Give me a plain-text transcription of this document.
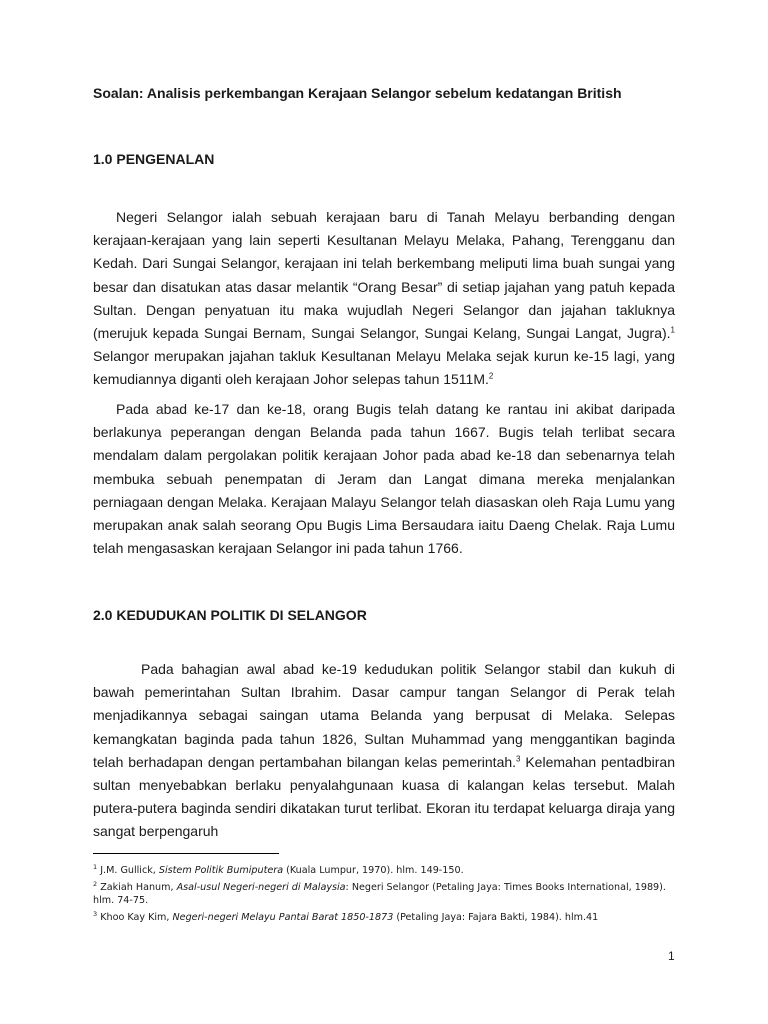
Soalan: Analisis perkembangan Kerajaan Selangor sebelum kedatangan British
1.0 PENGENALAN

Negeri Selangor ialah sebuah kerajaan baru di Tanah Melayu berbanding dengan kerajaan-kerajaan yang lain seperti Kesultanan Melayu Melaka, Pahang, Terengganu dan Kedah. Dari Sungai Selangor, kerajaan ini telah berkembang meliputi lima buah sungai yang besar dan disatukan atas dasar melantik “Orang Besar” di setiap jajahan yang patuh kepada Sultan. Dengan penyatuan itu maka wujudlah Negeri Selangor dan jajahan takluknya (merujuk kepada Sungai Bernam, Sungai Selangor, Sungai Kelang, Sungai Langat, Jugra).$^1$ Selangor merupakan jajahan takluk Kesultanan Melayu Melaka sejak kurun ke-15 lagi, yang kemudiannya diganti oleh kerajaan Johor selepas tahun 1511M.$^2$

Pada abad ke-17 dan ke-18, orang Bugis telah datang ke rantau ini akibat daripada berlakunya peperangan dengan Belanda pada tahun 1667. Bugis telah terlibat secara mendalam dalam pergolakan politik kerajaan Johor pada abad ke-18 dan sebenarnya telah membuka sebuah penempatan di Jeram dan Langat dimana mereka menjalankan perniagaan dengan Melaka. Kerajaan Malayu Selangor telah diasaskan oleh Raja Lumu yang merupakan anak salah seorang Opu Bugis Lima Bersaudara iaitu Daeng Chelak. Raja Lumu telah mengasaskan kerajaan Selangor ini pada tahun 1766.

2.0 KEDUDUKAN POLITIK DI SELANGOR

Pada bahagian awal abad ke-19 kedudukan politik Selangor stabil dan kukuh di bawah pemerintahan Sultan Ibrahim. Dasar campur tangan Selangor di Perak telah menjadikannya sebagai saingan utama Belanda yang berpusat di Melaka. Selepas kemangkatan baginda pada tahun 1826, Sultan Muhammad yang menggantikan baginda telah berhadapan dengan pertambahan bilangan kelas pemerintah.$^3$ Kelemahan pentadbiran sultan menyebabkan berlaku penyalahgunaan kuasa di kalangan kelas tersebut. Malah putera-putera baginda sendiri dikatakan turut terlibat. Ekoran itu terdapat keluarga diraja yang sangat berpengaruh

$^1$ J.M. Gullick, Sistem Politik Bumiputera (Kuala Lumpur, 1970). hlm. 149-150.

$^2$ Zakiah Hanum, Asal-usul Negeri-negeri di Malaysia: Negeri Selangor (Petaling Jaya: Times Books International, 1989). hlm. 74-75.

$^3$ Khoo Kay Kim, Negeri-negeri Melayu Pantai Barat 1850-1873 (Petaling Jaya: Fajara Bakti, 1984). hlm.41

1
